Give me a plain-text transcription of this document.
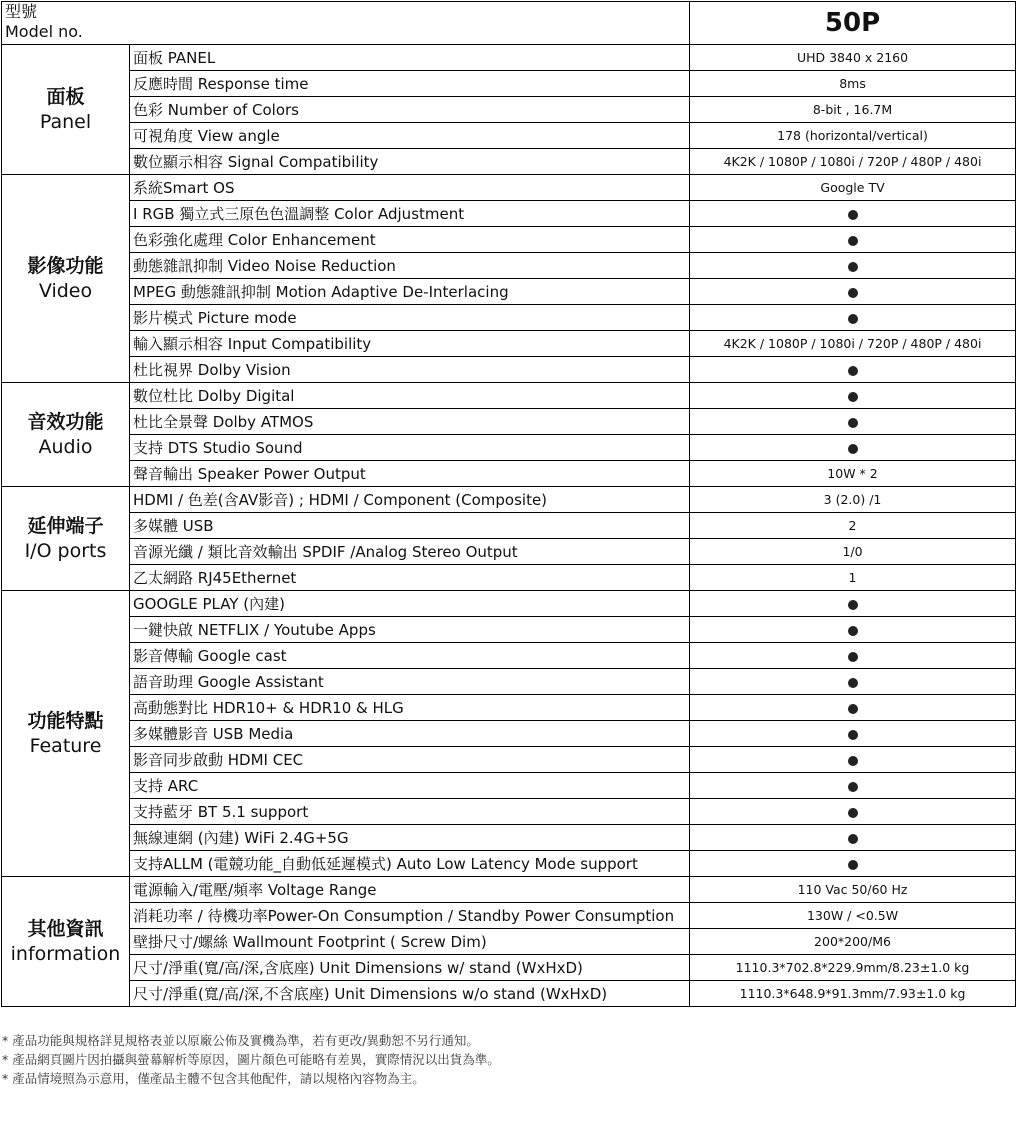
型號
Model no.		50P

面板
Panel	面板 PANEL	UHD 3840 x 2160
	反應時間 Response time	8ms
	色彩 Number of Colors	8-bit , 16.7M
	可視角度 View angle	178 (horizontal/vertical)
	數位顯示相容 Signal Compatibility	4K2K / 1080P / 1080i / 720P / 480P / 480i

影像功能
Video	系統Smart OS	Google TV
	I RGB 獨立式三原色色溫調整 Color Adjustment	
	色彩強化處理 Color Enhancement	
	動態雜訊抑制 Video Noise Reduction	
	MPEG 動態雜訊抑制 Motion Adaptive De-Interlacing	
	影片模式 Picture mode	
	輸入顯示相容 Input Compatibility	4K2K / 1080P / 1080i / 720P / 480P / 480i
	杜比視界 Dolby Vision	

音效功能
Audio	數位杜比 Dolby Digital	
	杜比全景聲 Dolby ATMOS	
	支持 DTS Studio Sound	
	聲音輸出 Speaker Power Output	10W * 2

延伸端子
I/O ports	HDMI / 色差(含AV影音) ; HDMI / Component (Composite)	3 (2.0) /1
	多媒體 USB	2
	音源光纖 / 類比音效輸出 SPDIF /Analog Stereo Output	1/0
	乙太網路 RJ45Ethernet	1

功能特點
Feature	GOOGLE PLAY (內建)	
	一鍵快啟 NETFLIX / Youtube Apps	
	影音傳輸 Google cast	
	語音助理 Google Assistant	
	高動態對比 HDR10+ & HDR10 & HLG	
	多媒體影音 USB Media	
	影音同步啟動 HDMI CEC	
	支持 ARC	
	支持藍牙 BT 5.1 support	
	無線連網 (內建) WiFi 2.4G+5G	
	支持ALLM (電競功能_自動低延遲模式) Auto Low Latency Mode support	

其他資訊
information	電源輸入/電壓/頻率 Voltage Range	110 Vac 50/60 Hz
	消耗功率 / 待機功率Power-On Consumption / Standby Power Consumption	130W / <0.5W
	壁掛尺寸/螺絲 Wallmount Footprint ( Screw Dim)	200*200/M6
	尺寸/淨重(寬/高/深,含底座) Unit Dimensions w/ stand (WxHxD)	1110.3*702.8*229.9mm/8.23±1.0 kg
	尺寸/淨重(寬/高/深,不含底座) Unit Dimensions w/o stand (WxHxD)	1110.3*648.9*91.3mm/7.93±1.0 kg
* 產品功能與規格詳見規格表並以原廠公佈及實機為準，若有更改/異動恕不另行通知。
* 產品網頁圖片因拍攝與螢幕解析等原因，圖片顏色可能略有差異，實際情況以出貨為準。
* 產品情境照為示意用，僅產品主體不包含其他配件，請以規格內容物為主。
